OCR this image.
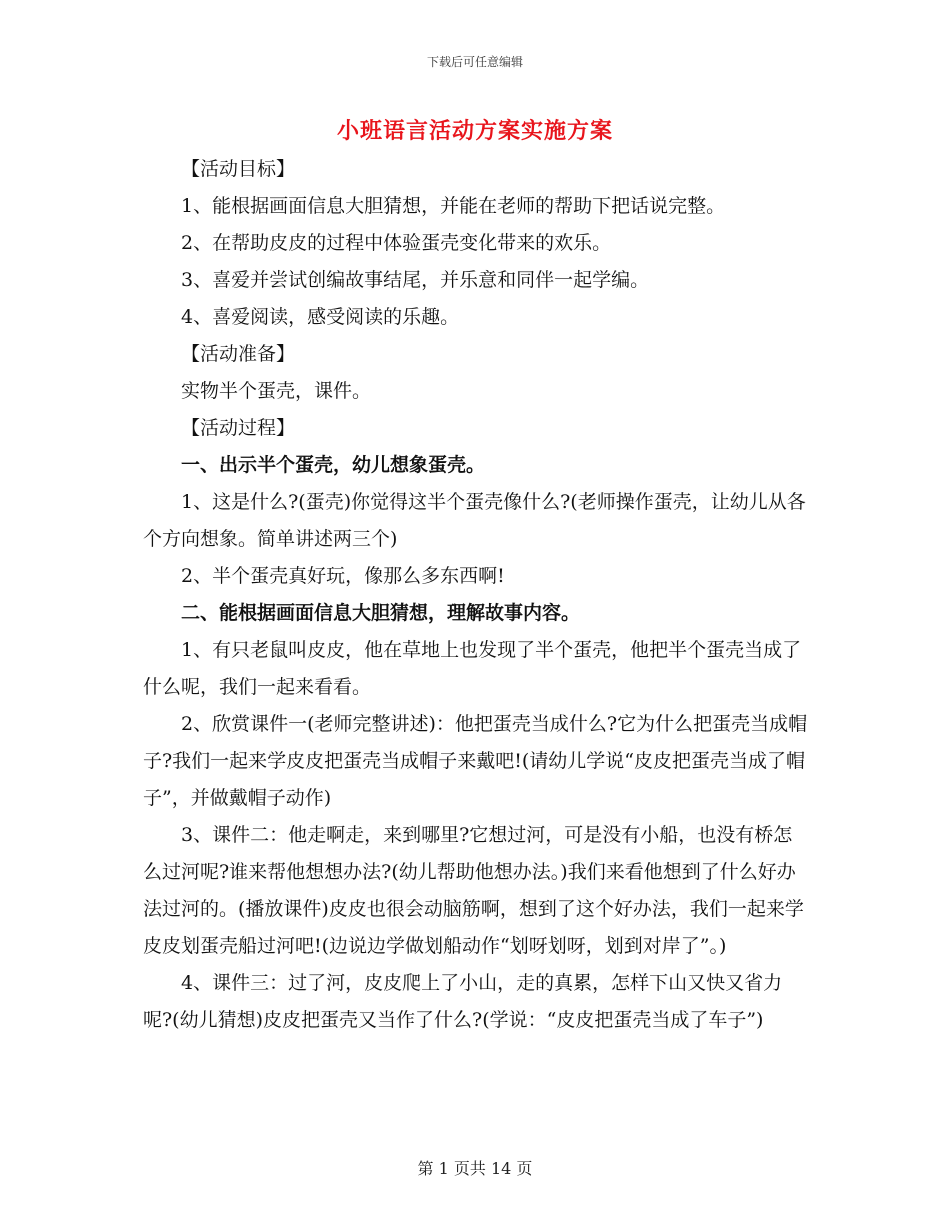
下载后可任意编辑
小班语言活动方案实施方案

【活动目标】

1、能根据画面信息大胆猜想，并能在老师的帮助下把话说完整。

2、在帮助皮皮的过程中体验蛋壳变化带来的欢乐。

3、喜爱并尝试创编故事结尾，并乐意和同伴一起学编。

4、喜爱阅读，感受阅读的乐趣。

【活动准备】

实物半个蛋壳，课件。

【活动过程】

一、出示半个蛋壳，幼儿想象蛋壳。

1、这是什么?(蛋壳)你觉得这半个蛋壳像什么?(老师操作蛋壳，让幼儿从各个方向想象。简单讲述两三个)

2、半个蛋壳真好玩，像那么多东西啊!

二、能根据画面信息大胆猜想，理解故事内容。

1、有只老鼠叫皮皮，他在草地上也发现了半个蛋壳，他把半个蛋壳当成了什么呢，我们一起来看看。

2、欣赏课件一(老师完整讲述)：他把蛋壳当成什么?它为什么把蛋壳当成帽子?我们一起来学皮皮把蛋壳当成帽子来戴吧!(请幼儿学说“皮皮把蛋壳当成了帽子”，并做戴帽子动作)

3、课件二：他走啊走，来到哪里?它想过河，可是没有小船，也没有桥怎么过河呢?谁来帮他想想办法?(幼儿帮助他想办法。)我们来看他想到了什么好办法过河的。(播放课件)皮皮也很会动脑筋啊，想到了这个好办法，我们一起来学皮皮划蛋壳船过河吧!(边说边学做划船动作“划呀划呀，划到对岸了”。)

4、课件三：过了河，皮皮爬上了小山，走的真累，怎样下山又快又省力呢?(幼儿猜想)皮皮把蛋壳又当作了什么?(学说：“皮皮把蛋壳当成了车子”)

第 1 页共 14 页
